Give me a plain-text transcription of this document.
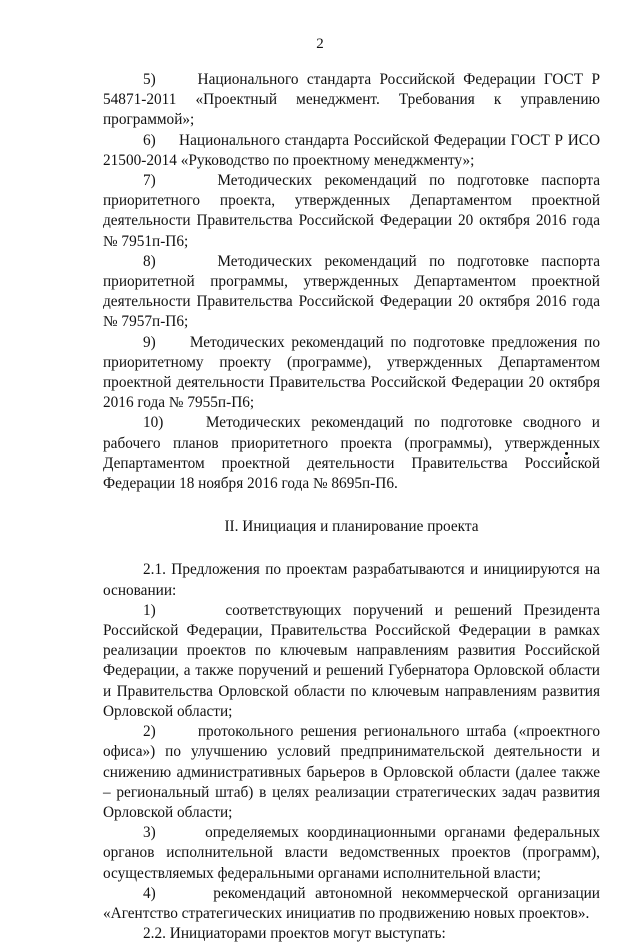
2

5)     Национального стандарта Российской Федерации ГОСТ Р 54871-2011 «Проектный менеджмент. Требования к управлению программой»;

6)     Национального стандарта Российской Федерации ГОСТ Р ИСО 21500-2014 «Руководство по проектному менеджменту»;

7)     Методических рекомендаций по подготовке паспорта приоритетного проекта, утвержденных Департаментом проектной деятельности Правительства Российской Федерации 20 октября 2016 года № 7951п-П6;

8)     Методических рекомендаций по подготовке паспорта приоритетной программы, утвержденных Департаментом проектной деятельности Правительства Российской Федерации 20 октября 2016 года № 7957п-П6;

9)     Методических рекомендаций по подготовке предложения по приоритетному проекту (программе), утвержденных Департаментом проектной деятельности Правительства Российской Федерации 20 октября 2016 года № 7955п-П6;

10)    Методических рекомендаций по подготовке сводного и рабочего планов приоритетного проекта (программы), утвержденных Департаментом проектной деятельности Правительства Российской Федерации 18 ноября 2016 года № 8695п-П6.

II. Инициация и планирование проекта

2.1. Предложения по проектам разрабатываются и инициируются на основании:

1)      соответствующих поручений и решений Президента Российской Федерации, Правительства Российской Федерации в рамках реализации проектов по ключевым направлениям развития Российской Федерации, а также поручений и решений Губернатора Орловской области и Правительства Орловской области по ключевым направлениям развития Орловской области;

2)      протокольного решения регионального штаба («проектного офиса») по улучшению условий предпринимательской деятельности и снижению административных барьеров в Орловской области (далее также – региональный штаб) в целях реализации стратегических задач развития Орловской области;

3)      определяемых координационными органами федеральных органов исполнительной власти ведомственных проектов (программ), осуществляемых федеральными органами исполнительной власти;

4)      рекомендаций автономной некоммерческой организации «Агентство стратегических инициатив по продвижению новых проектов».

2.2. Инициаторами проектов могут выступать:
